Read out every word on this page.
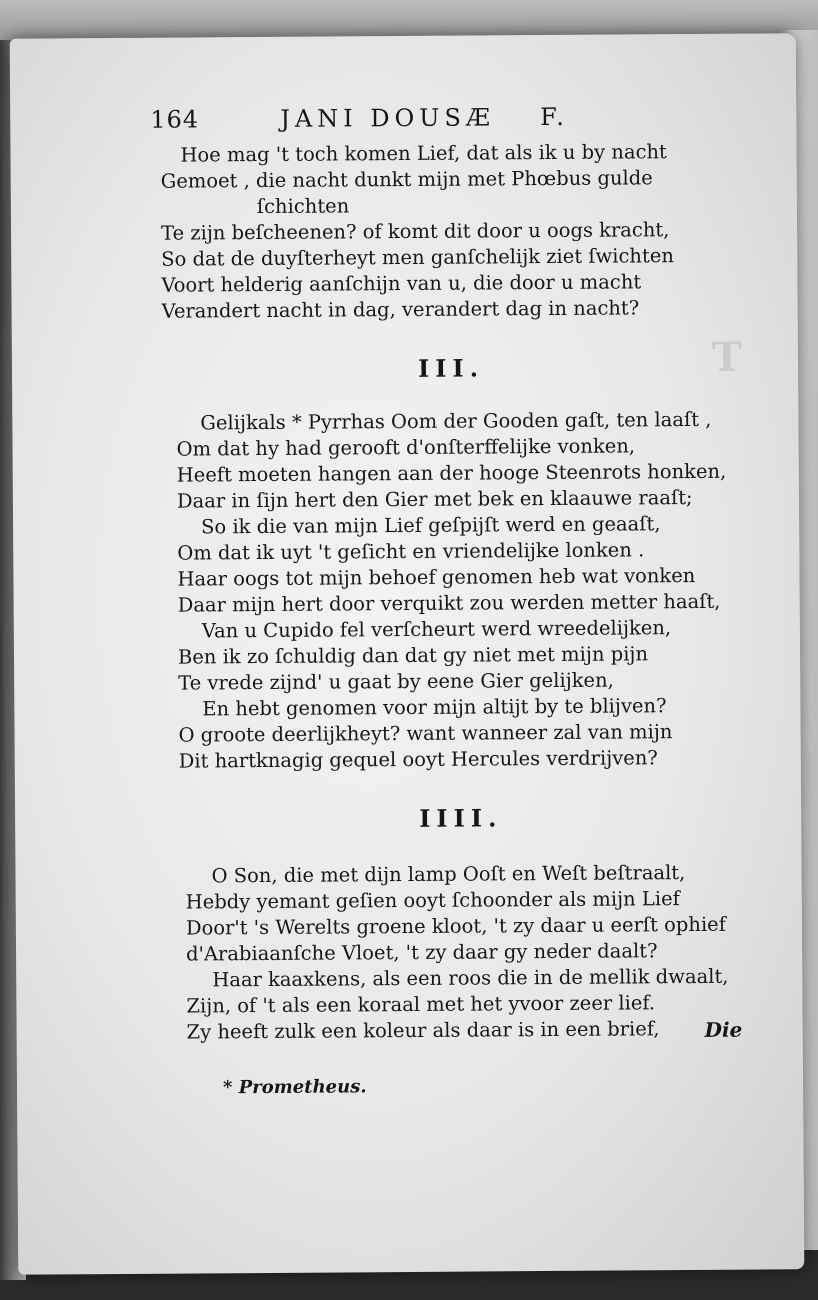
T
164	JANI DOUSÆ F.
Hoe mag 't toch komen Lief, dat als ik u by nacht
Gemoet , die nacht dunkt mijn met Phœbus gulde
ſchichten
Te zijn beſcheenen? of komt dit door u oogs kracht,
So dat de duyſterheyt men ganſchelijk ziet ſwichten
Voort helderig aanſchijn van u, die door u macht
Verandert nacht in dag, verandert dag in nacht?
III.
Gelijkals * Pyrrhas Oom der Gooden gaſt, ten laaſt ,
Om dat hy had gerooft d'onſterffelijke vonken,
Heeft moeten hangen aan der hooge Steenrots honken,
Daar in ſijn hert den Gier met bek en klaauwe raaſt;
So ik die van mijn Lief geſpijſt werd en geaaſt,
Om dat ik uyt 't geſicht en vriendelijke lonken .
Haar oogs tot mijn behoef genomen heb wat vonken
Daar mijn hert door verquikt zou werden metter haaſt,
Van u Cupido fel verſcheurt werd wreedelijken,
Ben ik zo ſchuldig dan dat gy niet met mijn pijn
Te vrede zijnd' u gaat by eene Gier gelijken,
En hebt genomen voor mijn altijt by te blijven?
O groote deerlijkheyt? want wanneer zal van mijn
Dit hartknagig gequel ooyt Hercules verdrijven?
IIII.
O Son, die met dijn lamp Ooſt en Weſt beſtraalt,
Hebdy yemant geſien ooyt ſchoonder als mijn Lief
Door't 's Werelts groene kloot, 't zy daar u eerſt ophief
d'Arabiaanſche Vloet, 't zy daar gy neder daalt?
Haar kaaxkens, als een roos die in de mellik dwaalt,
Zijn, of 't als een koraal met het yvoor zeer lief.
Zy heeft zulk een koleur als daar is in een brief, Die
* Prometheus.
